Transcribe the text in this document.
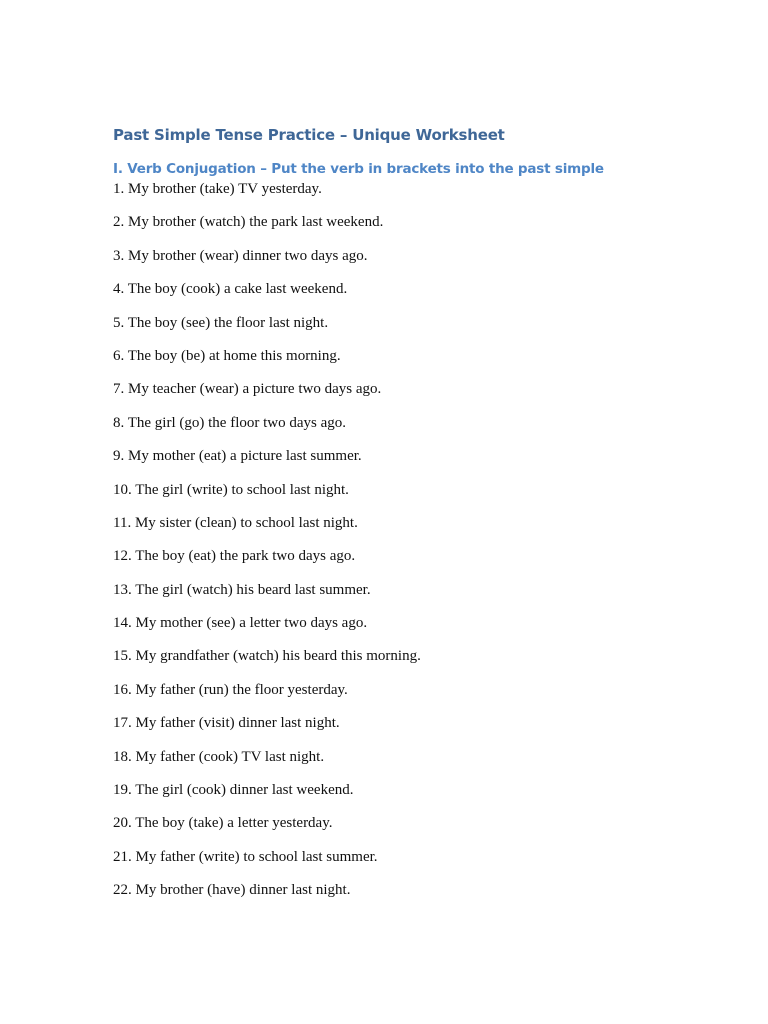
Past Simple Tense Practice – Unique Worksheet
I. Verb Conjugation – Put the verb in brackets into the past simple
1. My brother (take) TV yesterday.
2. My brother (watch) the park last weekend.
3. My brother (wear) dinner two days ago.
4. The boy (cook) a cake last weekend.
5. The boy (see) the floor last night.
6. The boy (be) at home this morning.
7. My teacher (wear) a picture two days ago.
8. The girl (go) the floor two days ago.
9. My mother (eat) a picture last summer.
10. The girl (write) to school last night.
11. My sister (clean) to school last night.
12. The boy (eat) the park two days ago.
13. The girl (watch) his beard last summer.
14. My mother (see) a letter two days ago.
15. My grandfather (watch) his beard this morning.
16. My father (run) the floor yesterday.
17. My father (visit) dinner last night.
18. My father (cook) TV last night.
19. The girl (cook) dinner last weekend.
20. The boy (take) a letter yesterday.
21. My father (write) to school last summer.
22. My brother (have) dinner last night.
